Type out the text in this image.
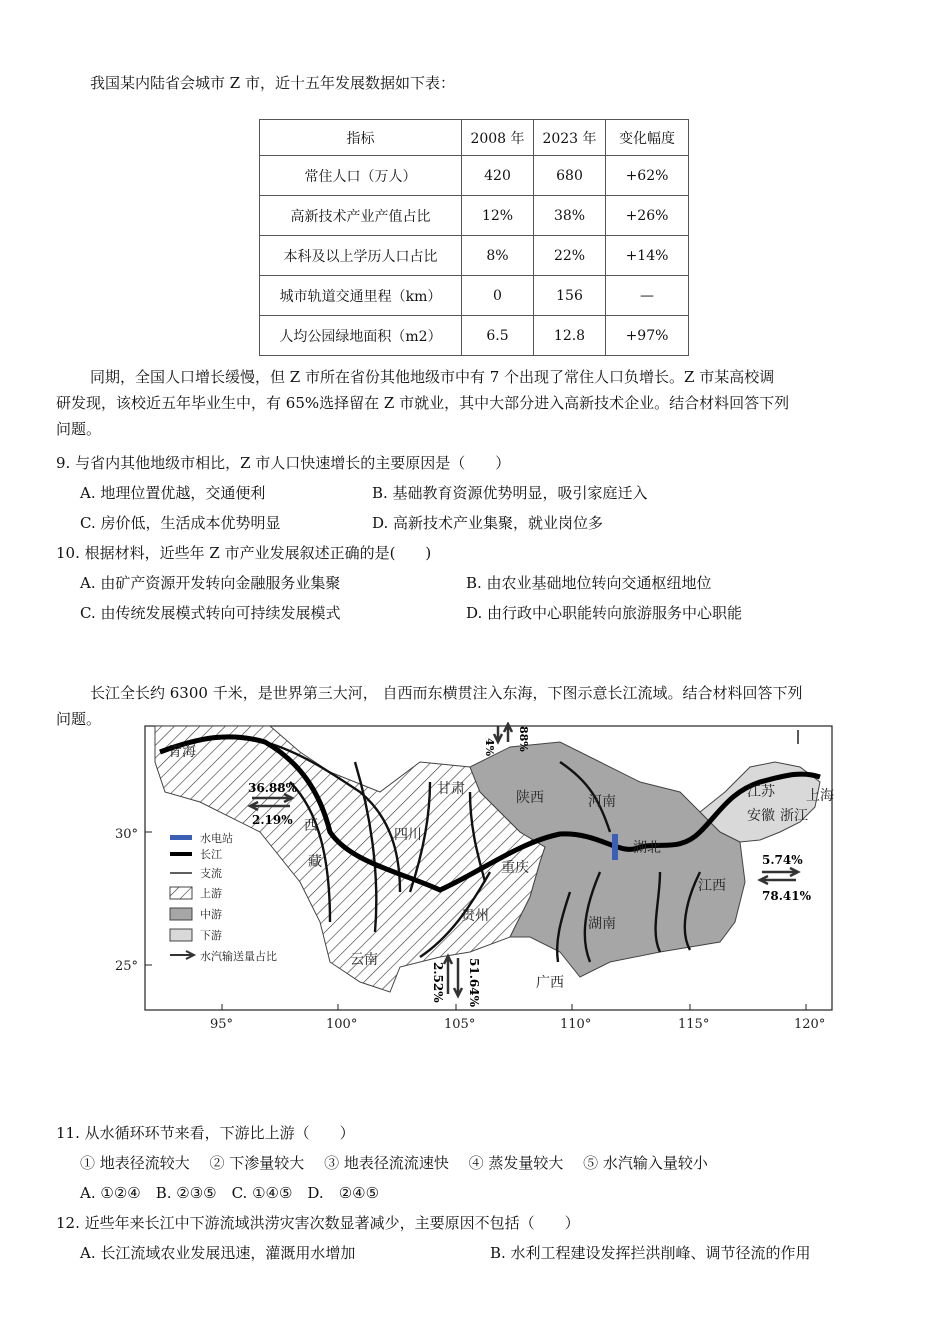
我国某内陆省会城市 Z 市，近十五年发展数据如下表：
指标	2008 年	2023 年	变化幅度
常住人口（万人）	420	680	+62%
高新技术产业产值占比	12%	38%	+26%
本科及以上学历人口占比	8%	22%	+14%
城市轨道交通里程（km）	0	156	—
人均公园绿地面积（m2）	6.5	12.8	+97%
同期，全国人口增长缓慢，但 Z 市所在省份其他地级市中有 7 个出现了常住人口负增长。Z 市某高校调
研发现，该校近五年毕业生中，有 65%选择留在 Z 市就业，其中大部分进入高新技术企业。结合材料回答下列
问题。
9. 与省内其他地级市相比，Z 市人口快速增长的主要原因是（　　）
A. 地理位置优越，交通便利	B. 基础教育资源优势明显，吸引家庭迁入
C. 房价低，生活成本优势明显	D. 高新技术产业集聚，就业岗位多
10. 根据材料，近些年 Z 市产业发展叙述正确的是(　　)
A. 由矿产资源开发转向金融服务业集聚	B. 由农业基础地位转向交通枢纽地位
C. 由传统发展模式转向可持续发展模式	D. 由行政中心职能转向旅游服务中心职能
长江全长约 6300 千米，是世界第三大河， 自西而东横贯注入东海，下图示意长江流域。结合材料回答下列
问题。
青海
甘肃
陕西	河南
西
藏
四川
重庆
贵州
云南
湖北
湖南
江西
江苏
安徽 浙江
上海
广西
30°
25°
95°	100°	105°	110°	115°	120°
36.88%
2.19%
4% 88%
5.74%
78.41%
2.52% 51.64%
水电站
长江
支流
上游
中游
下游
水汽输送量占比
11. 从水循环环节来看，下游比上游（　　）
① 地表径流较大　 ② 下渗量较大　 ③ 地表径流流速快　 ④ 蒸发量较大　 ⑤ 水汽输入量较小
A. ①②④　B. ②③⑤　C. ①④⑤　D.　②④⑤
12. 近些年来长江中下游流域洪涝灾害次数显著减少，主要原因不包括（　　）
A. 长江流域农业发展迅速，灌溉用水增加	B. 水利工程建设发挥拦洪削峰、调节径流的作用
